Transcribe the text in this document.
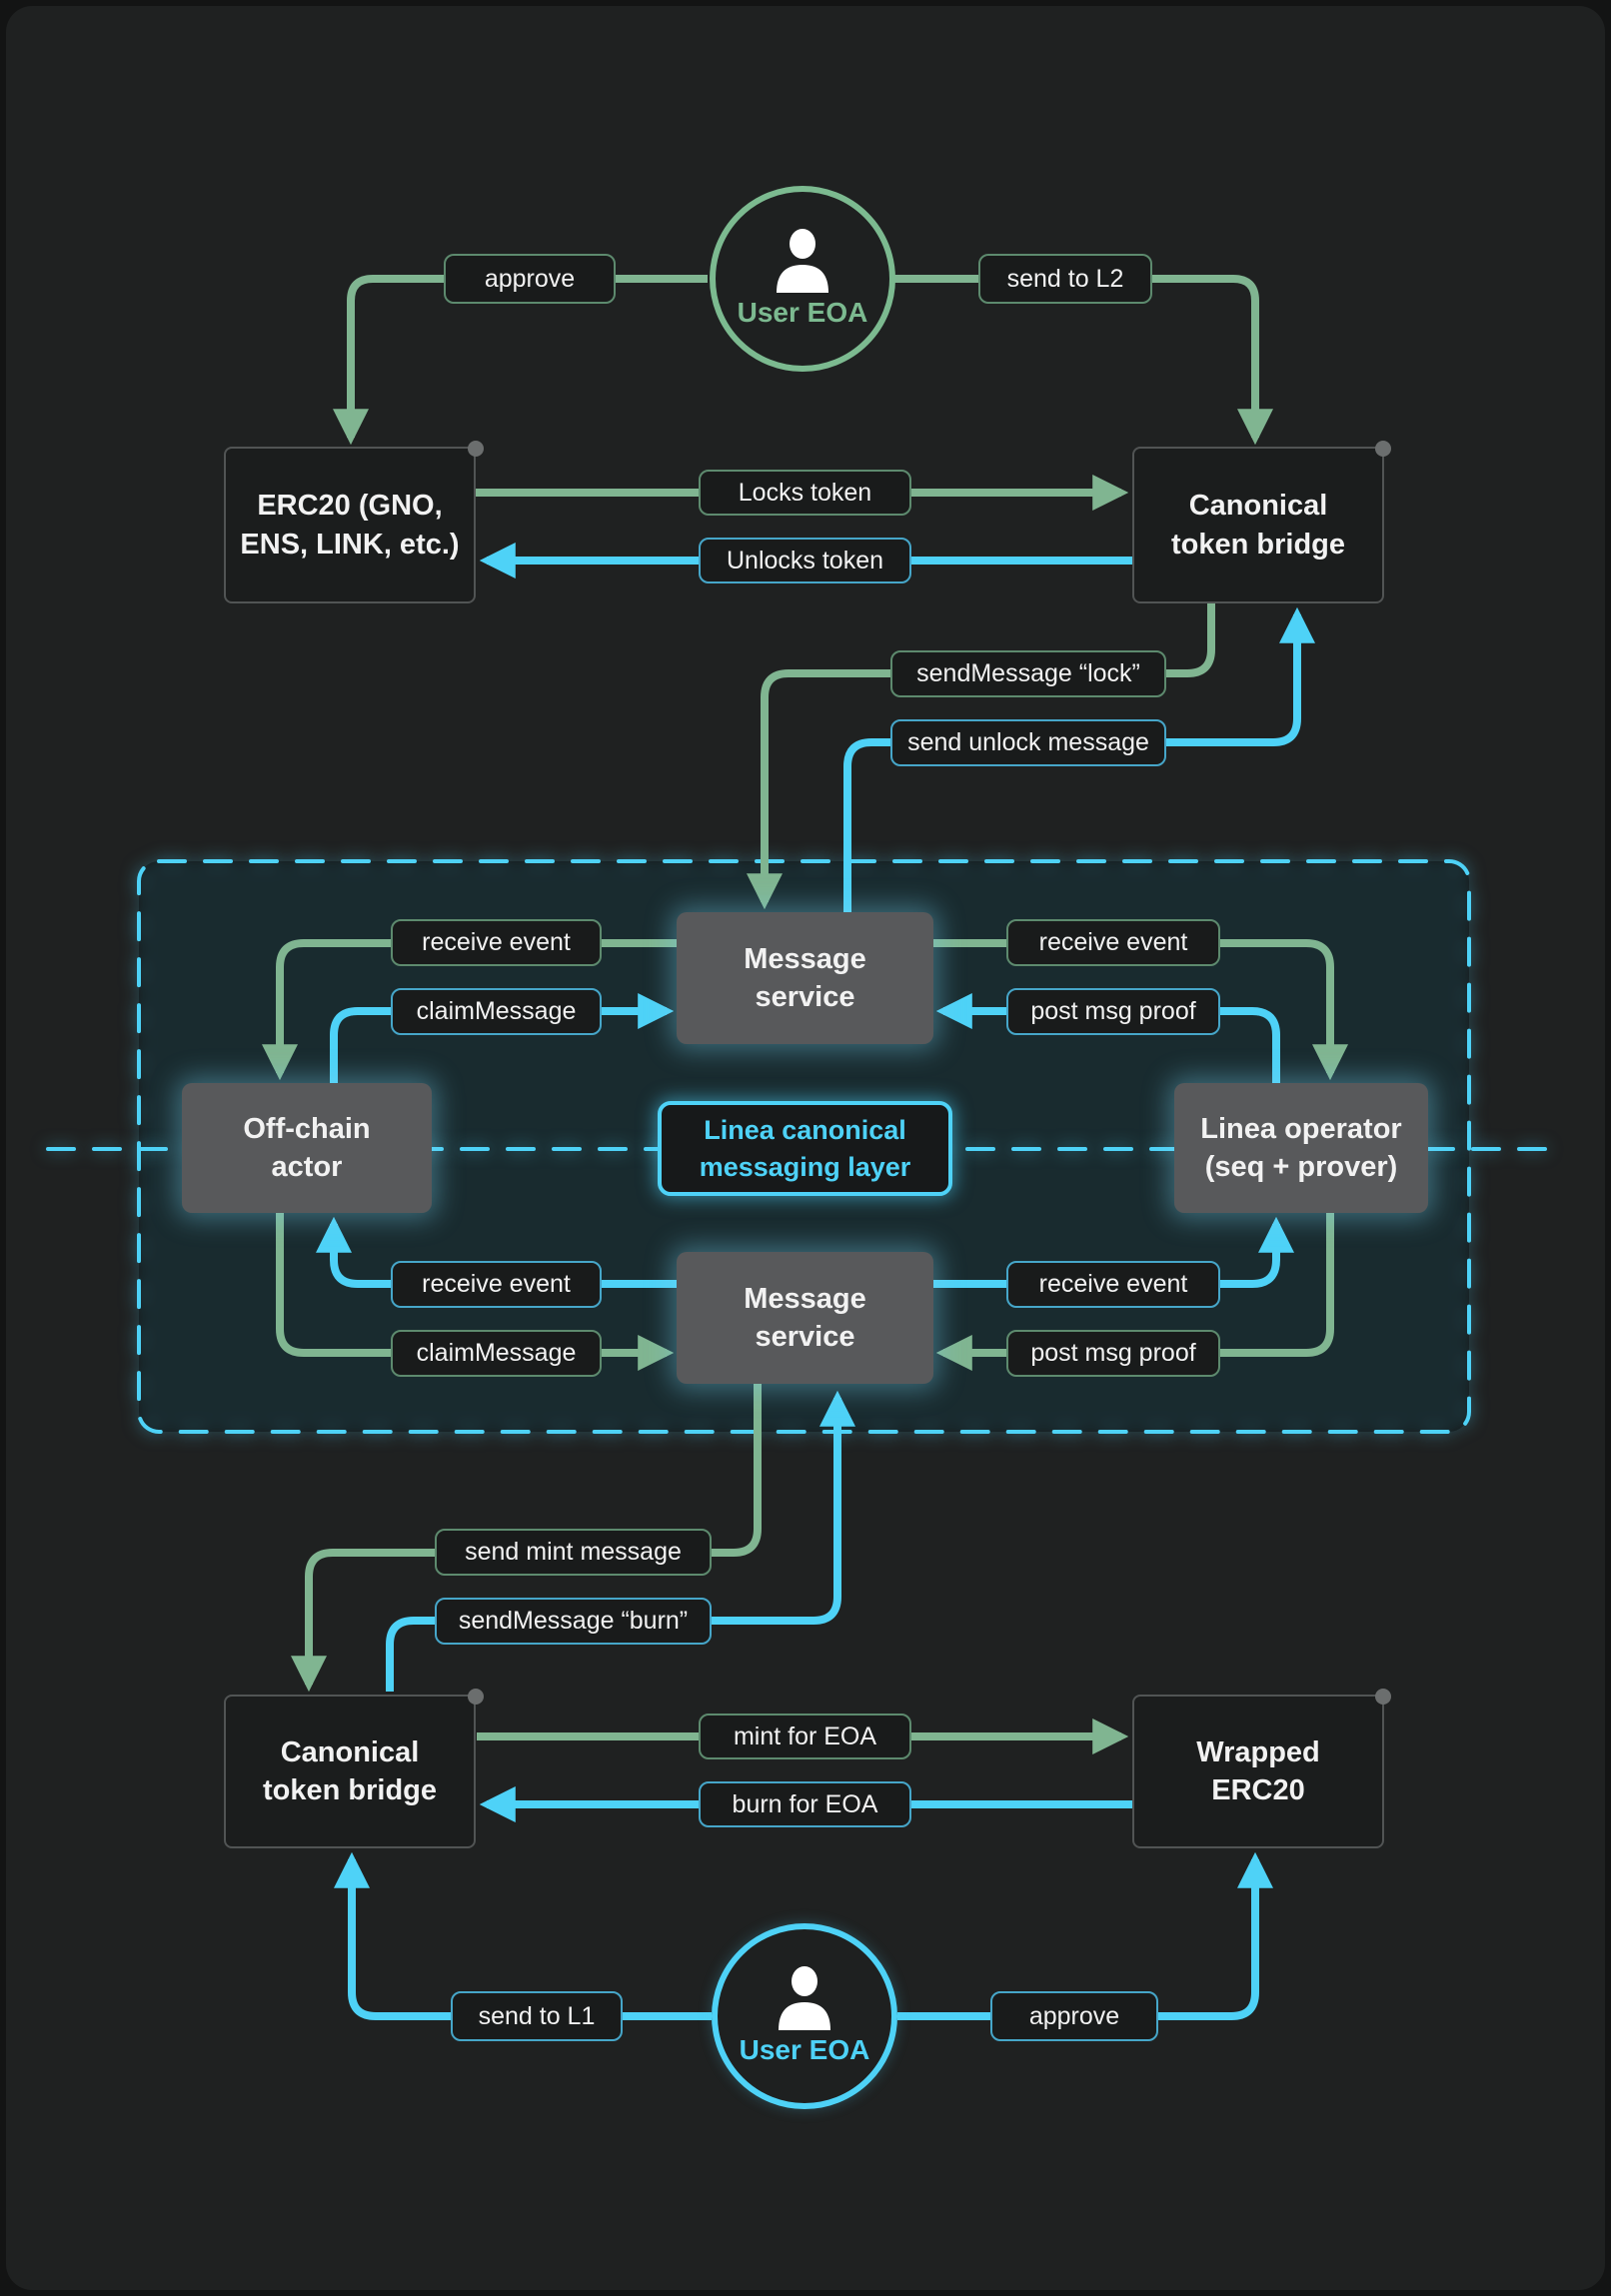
User EOA
approve	send to L2
ERC20 (GNO,
ENS, LINK, etc.)
Canonical
token bridge
Locks token
Unlocks token
sendMessage “lock”
send unlock message
Message
service
Message
service
Off-chain
actor
Linea operator
(seq + prover)
Linea canonical
messaging layer
receive event
claimMessage
receive event
post msg proof
receive event
claimMessage
receive event
post msg proof
send mint message
sendMessage “burn”
Canonical
token bridge
Wrapped
ERC20
mint for EOA
burn for EOA
User EOA
send to L1	approve
